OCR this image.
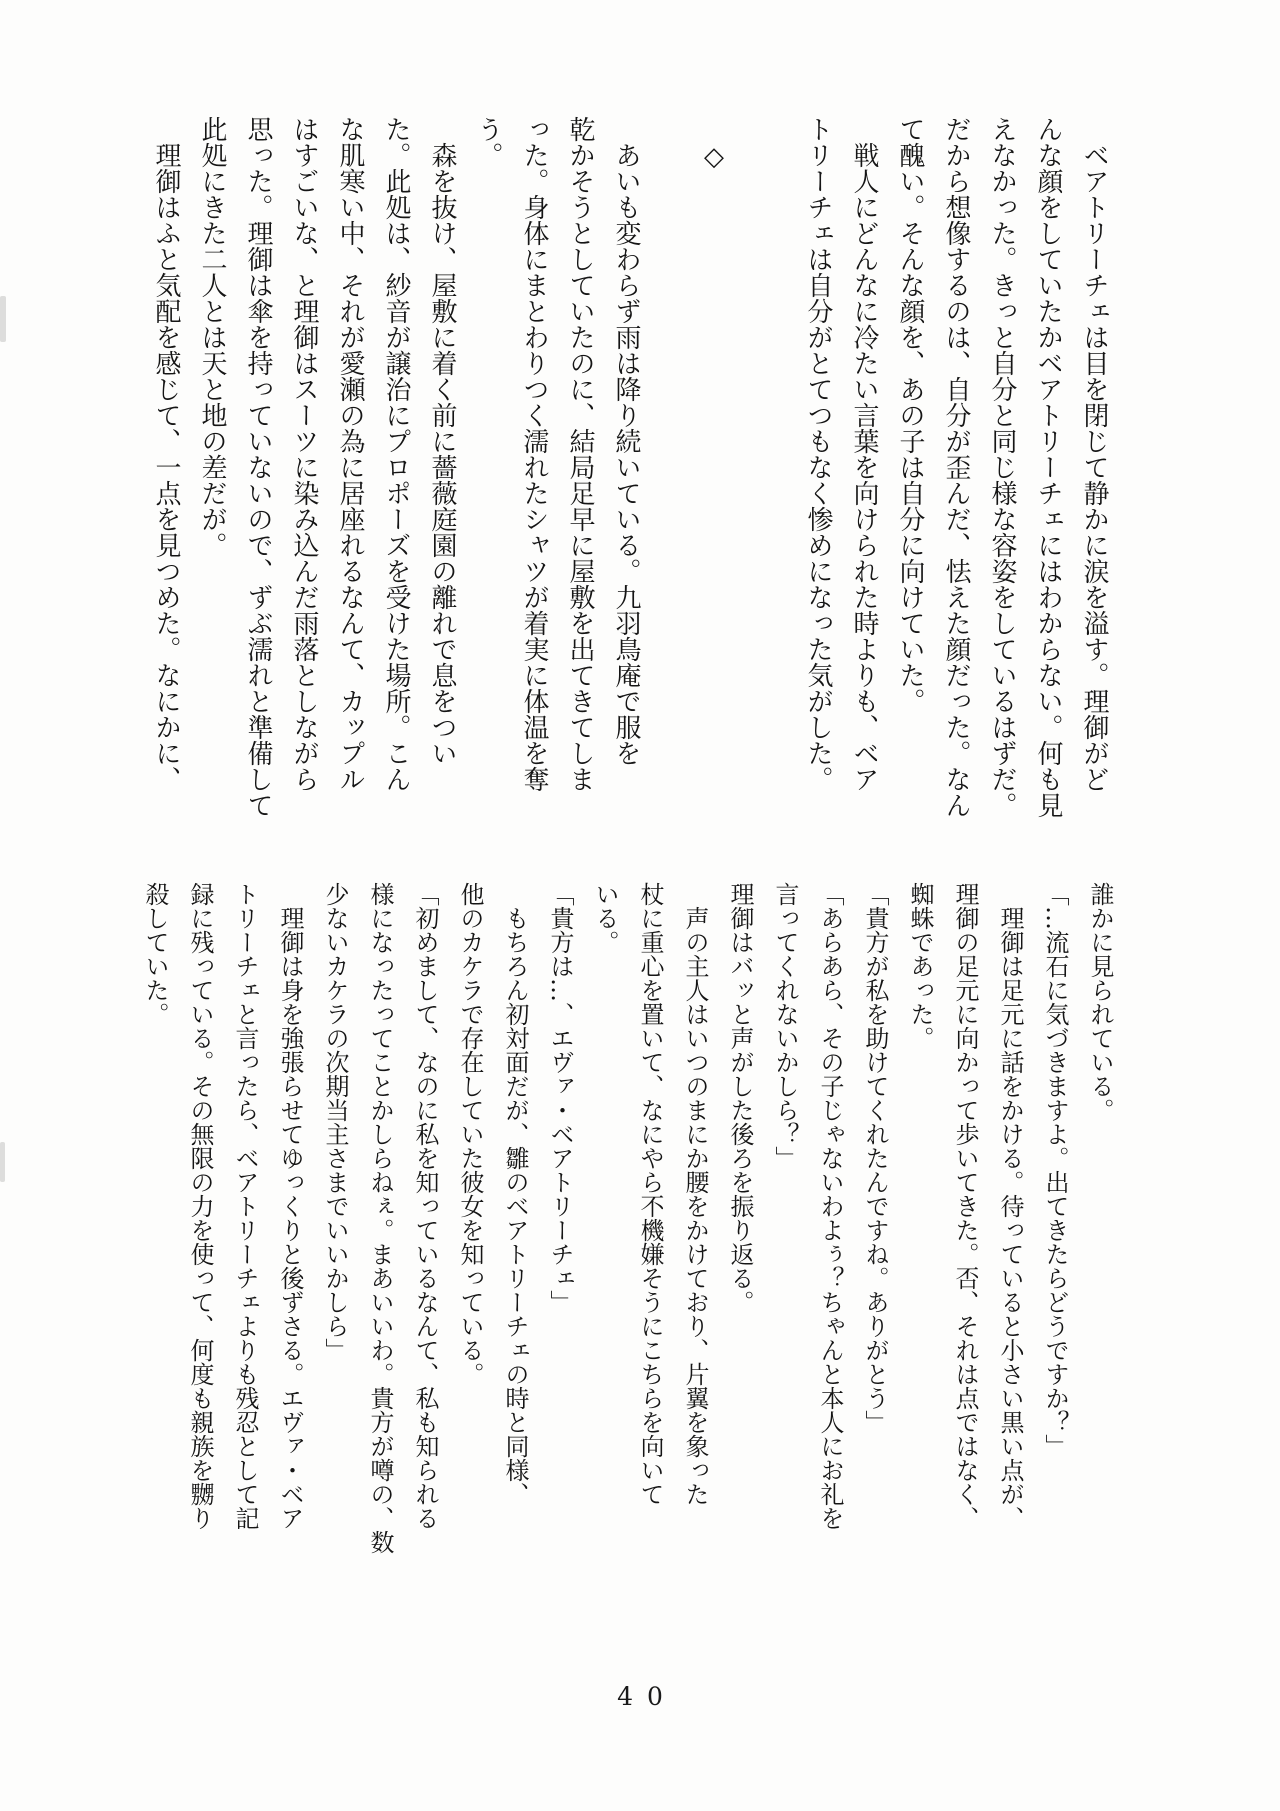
ベアトリーチェは目を閉じて静かに涙を溢す。理御がど
んな顔をしていたかベアトリーチェにはわからない。何も見
えなかった。きっと自分と同じ様な容姿をしているはずだ。
だから想像するのは、自分が歪んだ、怯えた顔だった。なん
て醜い。そんな顔を、あの子は自分に向けていた。
戦人にどんなに冷たい言葉を向けられた時よりも、ベア
トリーチェは自分がとてつもなく惨めになった気がした。
◇
あいも変わらず雨は降り続いている。九羽鳥庵で服を
乾かそうとしていたのに、結局足早に屋敷を出てきてしま
った。身体にまとわりつく濡れたシャツが着実に体温を奪
う。
森を抜け、屋敷に着く前に薔薇庭園の離れで息をつい
た。此処は、紗音が譲治にプロポーズを受けた場所。こん
な肌寒い中、それが愛瀬の為に居座れるなんて、カップル
はすごいな、と理御はスーツに染み込んだ雨落としながら
思った。理御は傘を持っていないので、ずぶ濡れと準備して
此処にきた二人とは天と地の差だが。
理御はふと気配を感じて、一点を見つめた。なにかに、
誰かに見られている。
「…流石に気づきますよ。出てきたらどうですか？」
理御は足元に話をかける。待っていると小さい黒い点が、
理御の足元に向かって歩いてきた。否、それは点ではなく、
蜘蛛であった。
「貴方が私を助けてくれたんですね。ありがとう」
「あらあら、その子じゃないわよぅ？ちゃんと本人にお礼を
言ってくれないかしら？」
理御はバッと声がした後ろを振り返る。
声の主人はいつのまにか腰をかけており、片翼を象った
杖に重心を置いて、なにやら不機嫌そうにこちらを向いて
いる。
「貴方は…、エヴァ・ベアトリーチェ」
もちろん初対面だが、雛のベアトリーチェの時と同様、
他のカケラで存在していた彼女を知っている。
「初めまして、なのに私を知っているなんて、私も知られる
様になったってことかしらねぇ。まあいいわ。貴方が噂の、数
少ないカケラの次期当主さまでいいかしら」
理御は身を強張らせてゆっくりと後ずさる。エヴァ・ベア
トリーチェと言ったら、ベアトリーチェよりも残忍として記
録に残っている。その無限の力を使って、何度も親族を嬲り
殺していた。
40
